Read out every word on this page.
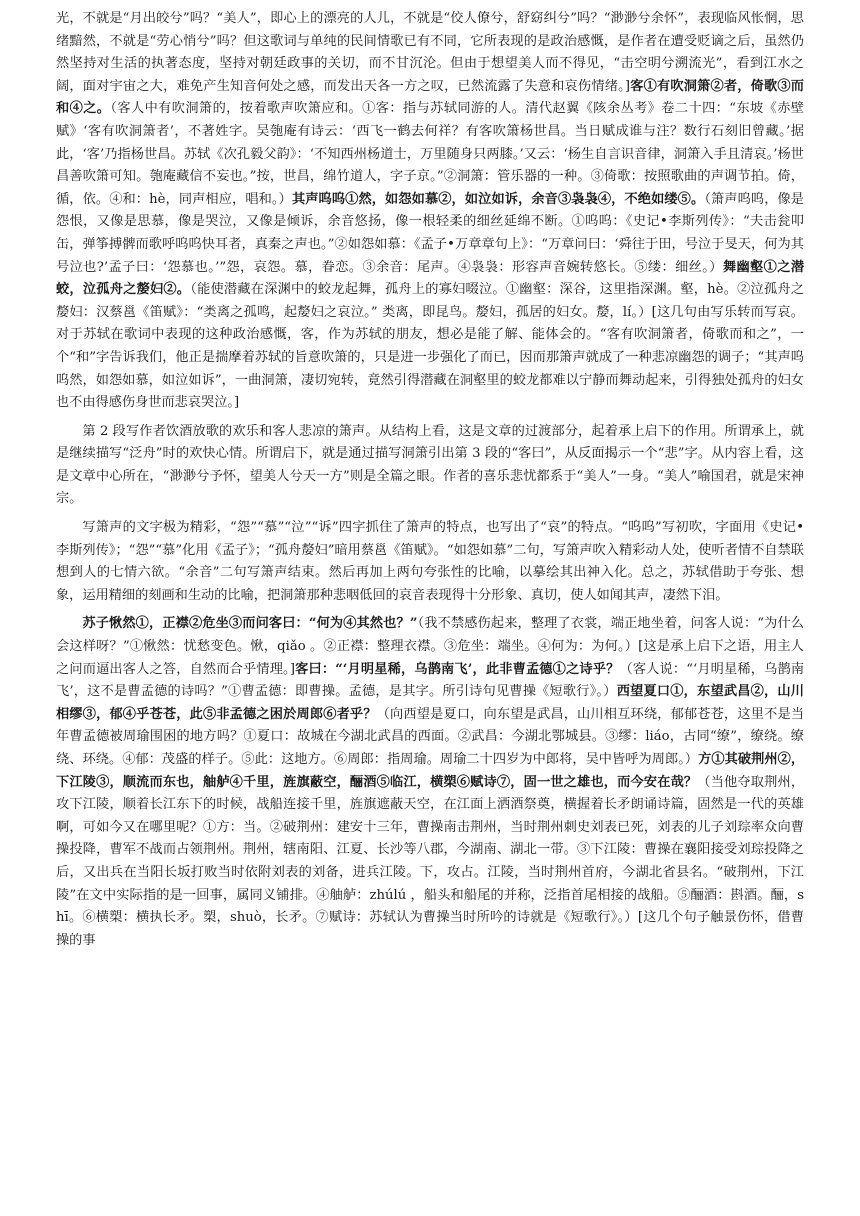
光，不就是“月出皎兮”吗？“美人”，即心上的漂亮的人儿，不就是“佼人僚兮，舒窈纠兮”吗？“渺渺兮余怀”，表现临风怅惘，思绪黯然，不就是“劳心悄兮”吗？但这歌词与单纯的民间情歌已有不同，它所表现的是政治感慨，是作者在遭受贬谪之后，虽然仍然坚持对生活的执著态度，坚持对朝廷政事的关切，而不甘沉沦。但由于想望美人而不得见，“击空明兮溯流光”，看到江水之阔，面对宇宙之大，难免产生知音何处之感，而发出天各一方之叹，已然流露了失意和哀伤情绪。]客①有吹洞箫②者，倚歌③而和④之。（客人中有吹洞箫的，按着歌声吹箫应和。①客：指与苏轼同游的人。清代赵翼《陔余丛考》卷二十四：“东坡《赤壁赋》‘客有吹洞箫者’，不著姓字。吴匏庵有诗云：‘西飞一鹤去何祥？有客吹箫杨世昌。当日赋成谁与注？数行石刻旧曾藏。’据此，‘客’乃指杨世昌。苏轼《次孔毅父韵》：‘不知西州杨道士，万里随身只两膝。’又云：‘杨生自言识音律，洞箫入手且清哀。’杨世昌善吹箫可知。匏庵藏信不妄也。”按，世昌，绵竹道人，字子京。”②洞箫：管乐器的一种。③倚歌：按照歌曲的声调节拍。倚，循，依。④和：hè，同声相应，唱和。）其声呜呜①然，如怨如慕②，如泣如诉，余音③袅袅④，不绝如缕⑤。（箫声呜呜，像是怨恨，又像是思慕，像是哭泣，又像是倾诉，余音悠扬，像一根轻柔的细丝延绵不断。①呜呜：《史记•李斯列传》：“夫击瓮叩缶，弹筝搏髀而歌呼呜呜快耳者，真秦之声也。”②如怨如慕：《孟子•万章章句上》：“万章问曰：‘舜往于田，号泣于旻天，何为其号泣也?’孟子曰：‘怨慕也。’”怨，哀怨。慕，眷恋。③余音：尾声。④袅袅：形容声音婉转悠长。⑤缕：细丝。）舞幽壑①之潜蛟，泣孤舟之嫠妇②。（能使潜藏在深渊中的蛟龙起舞，孤舟上的寡妇啜泣。①幽壑：深谷，这里指深渊。壑，hè。②泣孤舟之嫠妇：汉蔡邕《笛赋》：“类离之孤鸣，起嫠妇之哀泣。” 类离，即昆鸟。嫠妇，孤居的妇女。嫠，lí。）[这几句由写乐转而写哀。对于苏轼在歌词中表现的这种政治感慨，客，作为苏轼的朋友，想必是能了解、能体会的。“客有吹洞箫者，倚歌而和之”，一个“和”字告诉我们，他正是揣摩着苏轼的旨意吹箫的，只是进一步强化了而已，因而那箫声就成了一种悲凉幽怨的调子；“其声呜呜然，如怨如慕，如泣如诉”，一曲洞箫，凄切宛转，竟然引得潜藏在洞壑里的蛟龙都难以宁静而舞动起来，引得独处孤舟的妇女也不由得感伤身世而悲哀哭泣。]

第 2 段写作者饮酒放歌的欢乐和客人悲凉的箫声。从结构上看，这是文章的过渡部分，起着承上启下的作用。所谓承上，就是继续描写“泛舟”时的欢快心情。所谓启下，就是通过描写洞箫引出第 3 段的“客曰”，从反面揭示一个“悲”字。从内容上看，这是文章中心所在，“渺渺兮予怀，望美人兮天一方”则是全篇之眼。作者的喜乐悲忧都系于“美人”一身。“美人”喻国君，就是宋神宗。

写箫声的文字极为精彩，“怨”“慕”“泣”“诉”四字抓住了箫声的特点，也写出了“哀”的特点。“呜呜”写初吹，字面用《史记•李斯列传》；“怨”“慕”化用《孟子》；“孤舟嫠妇”暗用蔡邕《笛赋》。“如怨如慕”二句，写箫声吹入精彩动人处，使听者情不自禁联想到人的七情六欲。“余音”二句写箫声结束。然后再加上两句夸张性的比喻，以摹绘其出神入化。总之，苏轼借助于夸张、想象，运用精细的刻画和生动的比喻，把洞箫那种悲咽低回的哀音表现得十分形象、真切，使人如闻其声，凄然下泪。

苏子愀然①，正襟②危坐③而问客曰：“何为④其然也？”（我不禁感伤起来，整理了衣裳，端正地坐着，问客人说：“为什么会这样呀？”①愀然：忧愁变色。愀，qiǎo 。②正襟：整理衣襟。③危坐：端坐。④何为：为何。）[这是承上启下之语，用主人之问而逼出客人之答，自然而合乎情理。]客曰：“‘月明星稀，乌鹊南飞’，此非曹孟德①之诗乎？（客人说：“‘月明星稀，乌鹊南飞’，这不是曹孟德的诗吗？”①曹孟德：即曹操。孟德，是其字。所引诗句见曹操《短歌行》。）西望夏口①，东望武昌②，山川相缪③，郁④乎苍苍，此⑤非孟德之困於周郎⑥者乎？（向西望是夏口，向东望是武昌，山川相互环绕，郁郁苍苍，这里不是当年曹孟德被周瑜围困的地方吗？①夏口：故城在今湖北武昌的西面。②武昌：今湖北鄂城县。③缪：liáo，古同“缭”，缭绕。缭绕、环绕。④郁：茂盛的样子。⑤此：这地方。⑥周郎：指周瑜。周瑜二十四岁为中郎将，吴中皆呼为周郎。）方①其破荆州②，下江陵③，顺流而东也，舳舻④千里，旌旗蔽空，酾酒⑤临江，横槊⑥赋诗⑦，固一世之雄也，而今安在哉？（当他夺取荆州，攻下江陵，顺着长江东下的时候，战船连接千里，旌旗遮蔽天空，在江面上洒酒祭奠，横握着长矛朗诵诗篇，固然是一代的英雄啊，可如今又在哪里呢？①方：当。②破荆州：建安十三年，曹操南击荆州，当时荆州刺史刘表已死，刘表的儿子刘琮率众向曹操投降，曹军不战而占领荆州。荆州，辖南阳、江夏、长沙等八郡，今湖南、湖北一带。③下江陵：曹操在襄阳接受刘琮投降之后，又出兵在当阳长坂打败当时依附刘表的刘备，进兵江陵。下，攻占。江陵，当时荆州首府，今湖北省县名。“破荆州，下江陵”在文中实际指的是一回事，属同义铺排。④舳舻：zhúlú ，船头和船尾的并称，泛指首尾相接的战船。⑤酾酒：斟酒。酾，shī。⑥横槊：横执长矛。槊，shuò，长矛。⑦赋诗：苏轼认为曹操当时所吟的诗就是《短歌行》。）[这几个句子触景伤怀，借曹操的事
